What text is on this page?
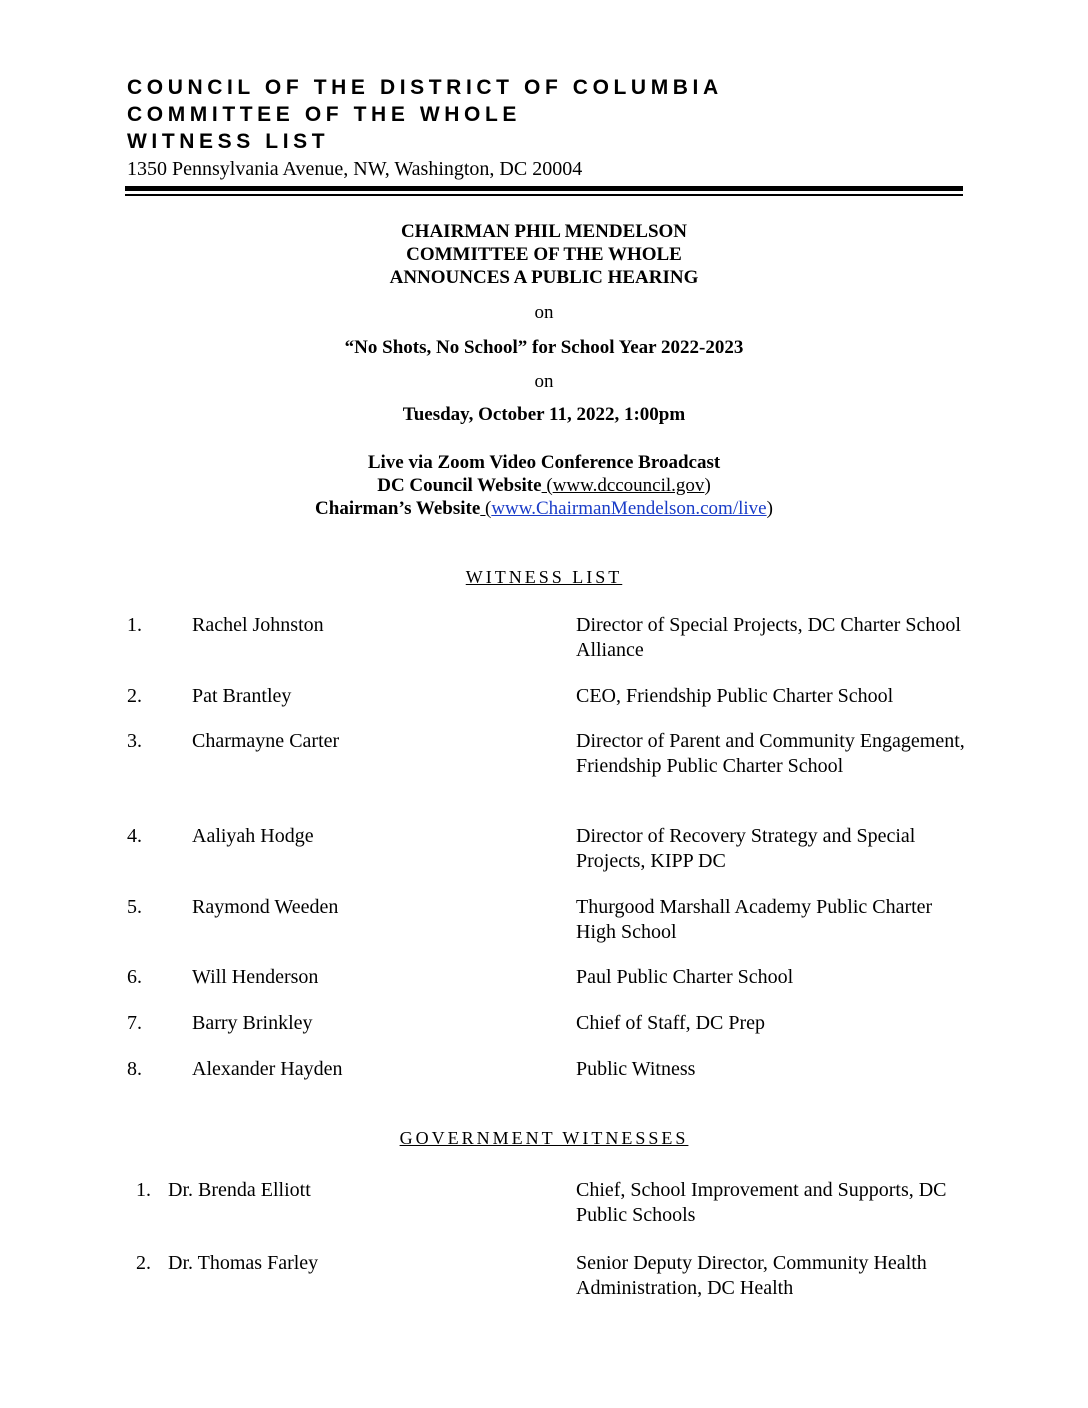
COUNCIL OF THE DISTRICT OF COLUMBIA
COMMITTEE OF THE WHOLE
WITNESS LIST
1350 Pennsylvania Avenue, NW, Washington, DC 20004
CHAIRMAN PHIL MENDELSON
COMMITTEE OF THE WHOLE
ANNOUNCES A PUBLIC HEARING
on
“No Shots, No School” for School Year 2022-2023
on
Tuesday, October 11, 2022, 1:00pm
Live via Zoom Video Conference Broadcast
DC Council Website (www.dccouncil.gov)
Chairman’s Website (www.ChairmanMendelson.com/live)
WITNESS LIST
1.	Rachel Johnston	Director of Special Projects, DC Charter School Alliance
2.	Pat Brantley	CEO, Friendship Public Charter School
3.	Charmayne Carter	Director of Parent and Community Engagement, Friendship Public Charter School
4.	Aaliyah Hodge	Director of Recovery Strategy and Special Projects, KIPP DC
5.	Raymond Weeden	Thurgood Marshall Academy Public Charter High School
6.	Will Henderson	Paul Public Charter School
7.	Barry Brinkley	Chief of Staff, DC Prep
8.	Alexander Hayden	Public Witness
GOVERNMENT WITNESSES
1. Dr. Brenda Elliott	Chief, School Improvement and Supports, DC Public Schools
2. Dr. Thomas Farley	Senior Deputy Director, Community Health Administration, DC Health
